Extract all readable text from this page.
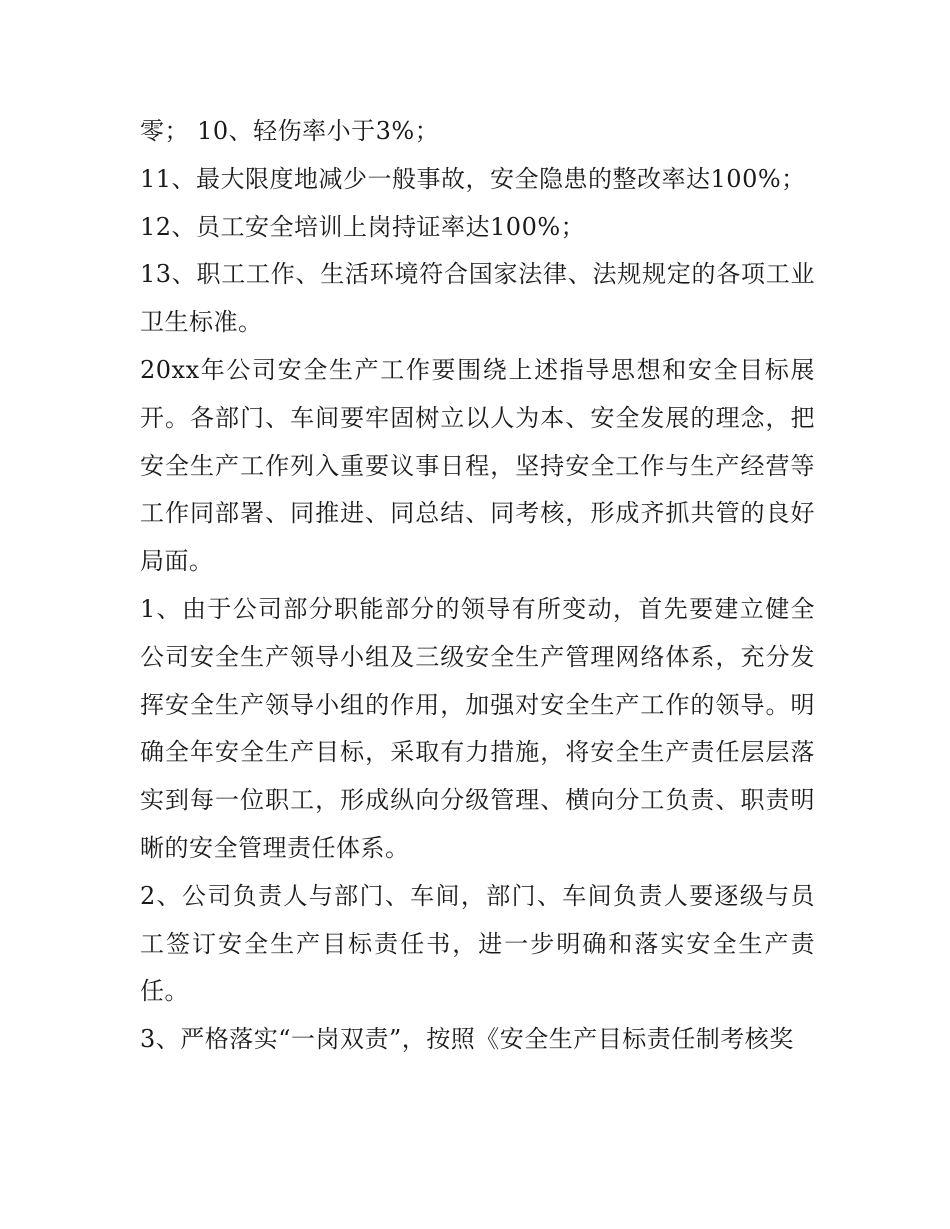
零； 10、轻伤率小于3%；

11、最大限度地减少一般事故，安全隐患的整改率达100%；

12、员工安全培训上岗持证率达100%；

13、职工工作、生活环境符合国家法律、法规规定的各项工业卫生标准。

20xx年公司安全生产工作要围绕上述指导思想和安全目标展开。各部门、车间要牢固树立以人为本、安全发展的理念，把安全生产工作列入重要议事日程，坚持安全工作与生产经营等工作同部署、同推进、同总结、同考核，形成齐抓共管的良好局面。

1、由于公司部分职能部分的领导有所变动，首先要建立健全公司安全生产领导小组及三级安全生产管理网络体系，充分发挥安全生产领导小组的作用，加强对安全生产工作的领导。明确全年安全生产目标，采取有力措施，将安全生产责任层层落实到每一位职工，形成纵向分级管理、横向分工负责、职责明晰的安全管理责任体系。

2、公司负责人与部门、车间，部门、车间负责人要逐级与员工签订安全生产目标责任书，进一步明确和落实安全生产责任。

3、严格落实“一岗双责”，按照《安全生产目标责任制考核奖
